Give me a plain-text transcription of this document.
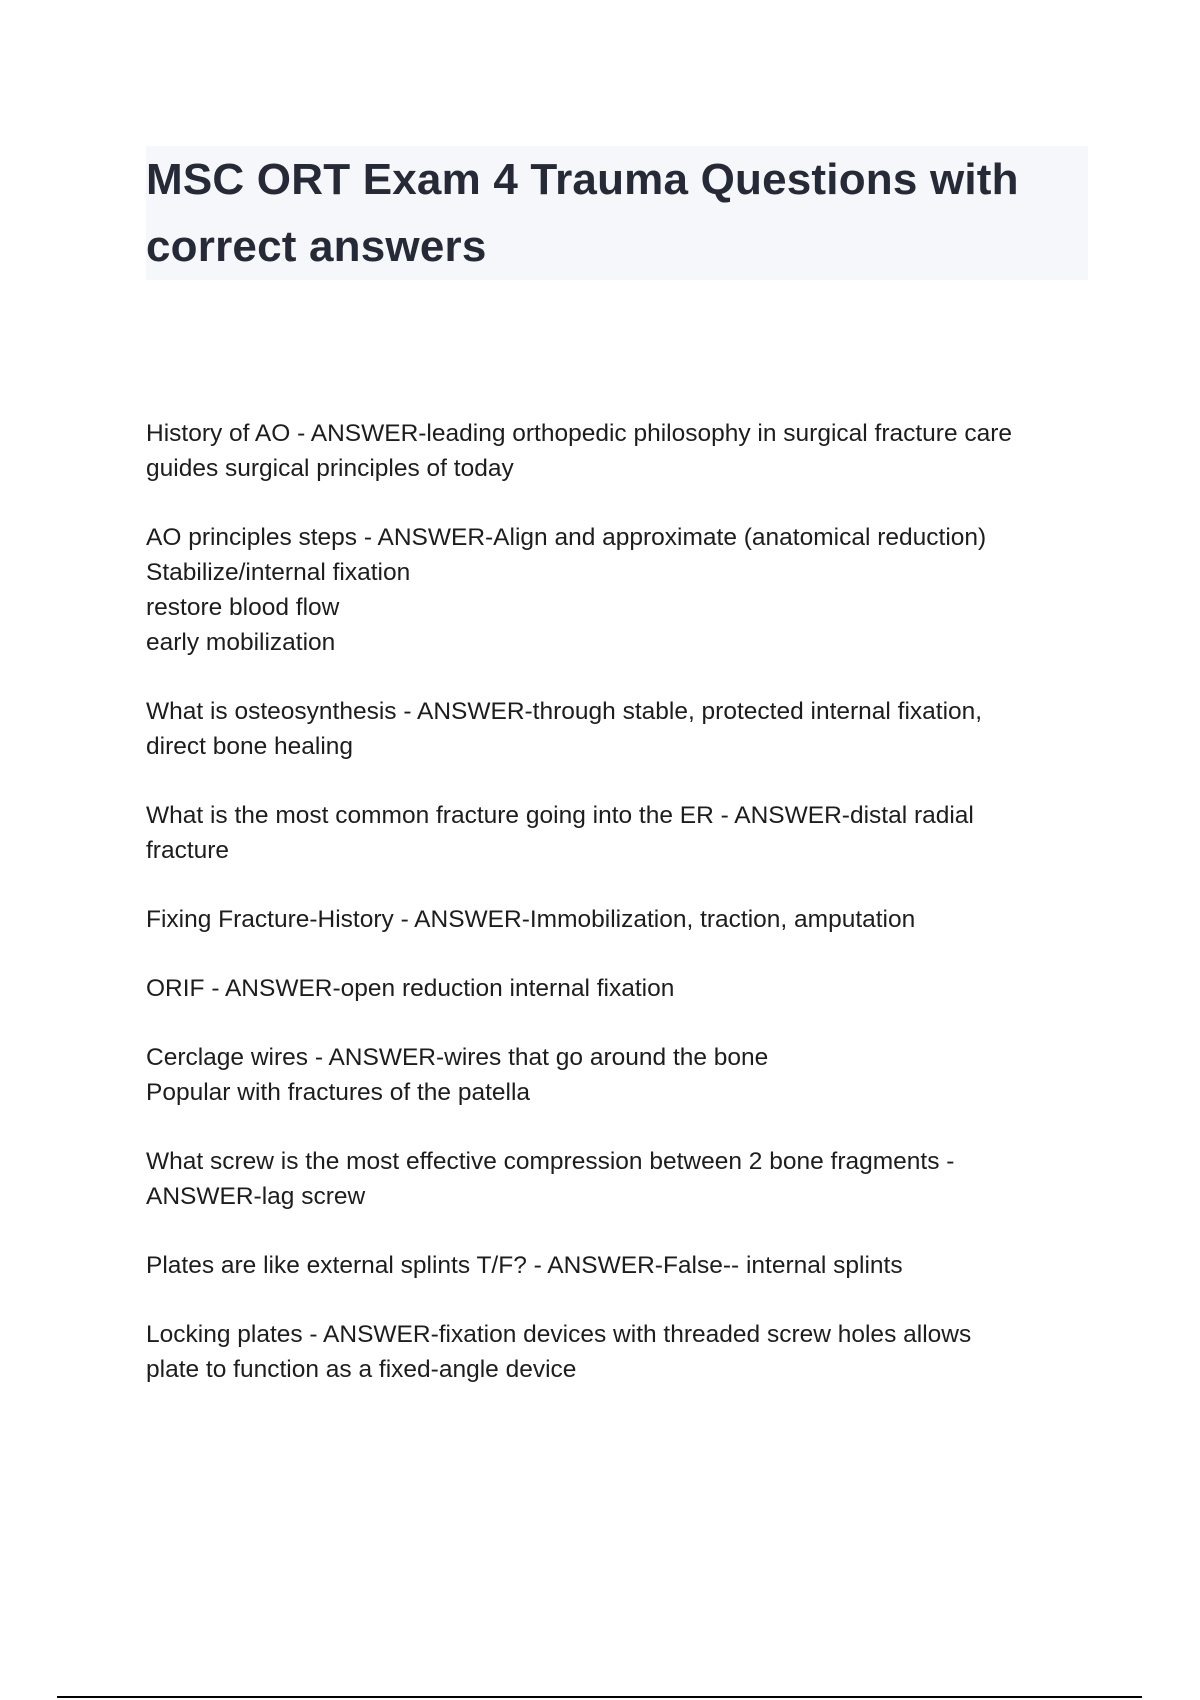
MSC ORT Exam 4 Trauma Questions with
correct answers
History of AO - ANSWER-leading orthopedic philosophy in surgical fracture care
guides surgical principles of today
AO principles steps - ANSWER-Align and approximate (anatomical reduction)
Stabilize/internal fixation
restore blood flow
early mobilization
What is osteosynthesis - ANSWER-through stable, protected internal fixation,
direct bone healing
What is the most common fracture going into the ER - ANSWER-distal radial
fracture
Fixing Fracture-History - ANSWER-Immobilization, traction, amputation
ORIF - ANSWER-open reduction internal fixation
Cerclage wires - ANSWER-wires that go around the bone
Popular with fractures of the patella
What screw is the most effective compression between 2 bone fragments -
ANSWER-lag screw
Plates are like external splints T/F? - ANSWER-False-- internal splints
Locking plates - ANSWER-fixation devices with threaded screw holes allows
plate to function as a fixed-angle device
